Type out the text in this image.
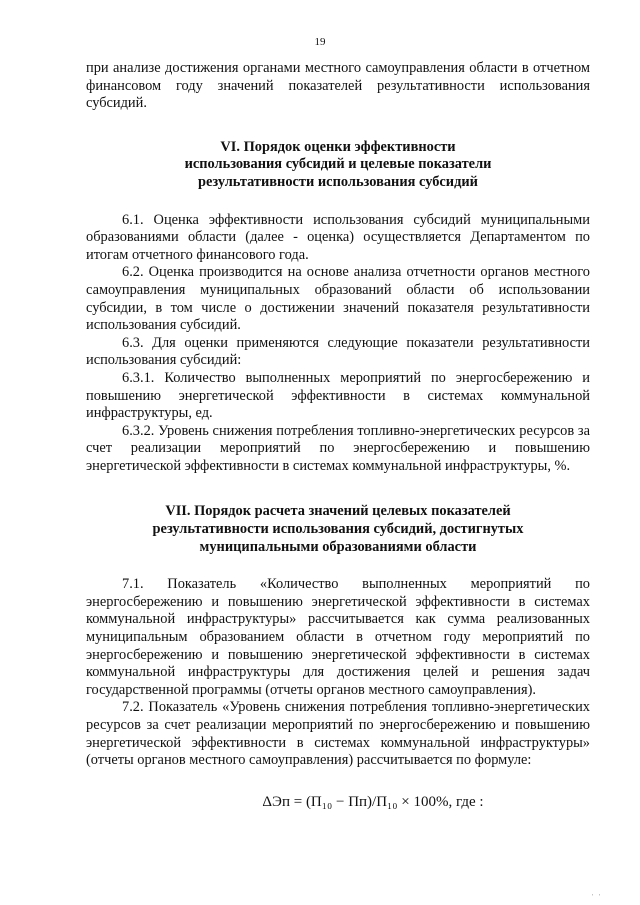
19

при анализе достижения органами местного самоуправления области в отчетном финансовом году значений показателей результативности использования субсидий.

VI. Порядок оценки эффективности
использования субсидий и целевые показатели
результативности использования субсидий

6.1. Оценка эффективности использования субсидий муниципальными образованиями области (далее - оценка) осуществляется Департаментом по итогам отчетного финансового года.

6.2. Оценка производится на основе анализа отчетности органов местного самоуправления муниципальных образований области об использовании субсидии, в том числе о достижении значений показателя результативности использования субсидий.

6.3. Для оценки применяются следующие показатели результативности использования субсидий:

6.3.1. Количество выполненных мероприятий по энергосбережению и повышению энергетической эффективности в системах коммунальной инфраструктуры, ед.

6.3.2. Уровень снижения потребления топливно-энергетических ресурсов за счет реализации мероприятий по энергосбережению и повышению энергетической эффективности в системах коммунальной инфраструктуры, %.

VII. Порядок расчета значений целевых показателей
результативности использования субсидий, достигнутых
муниципальными образованиями области

7.1. Показатель «Количество выполненных мероприятий по энергосбережению и повышению энергетической эффективности в системах коммунальной инфраструктуры» рассчитывается как сумма реализованных муниципальным образованием области в отчетном году мероприятий по энергосбережению и повышению энергетической эффективности в системах коммунальной инфраструктуры для достижения целей и решения задач государственной программы (отчеты органов местного самоуправления).

7.2. Показатель «Уровень снижения потребления топливно-энергетических ресурсов за счет реализации мероприятий по энергосбережению и повышению энергетической эффективности в системах коммунальной инфраструктуры» (отчеты органов местного самоуправления) рассчитывается по формуле:

ΔЭп = (П₁₀ − Пп)/П₁₀ × 100%, где :
' '
